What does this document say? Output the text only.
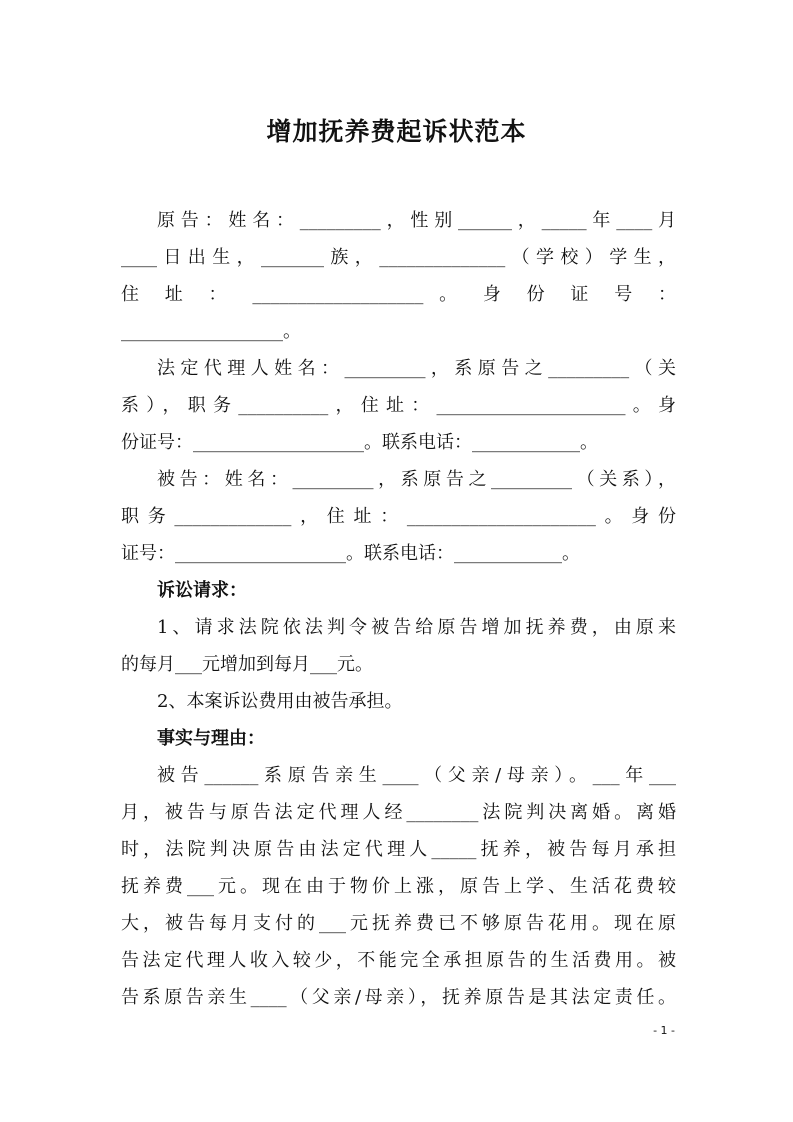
增加抚养费起诉状范本
原告：姓名：_________，性别______，_____年____月
____日出生，_______族，______________（学校）学生，
住 址 ： ___________________ 。 身 份 证 号 ：
__________________。
法定代理人姓名：_________，系原告之_________（关
系），职务__________，住址：_____________________。身
份证号：___________________。联系电话：____________。
被告：姓名：_________，系原告之_________（关系），
职务_____________，住址：_____________________。身份
证号：___________________。联系电话：____________。
诉讼请求：
1、请求法院依法判令被告给原告增加抚养费，由原来
的每月___元增加到每月___元。
2、本案诉讼费用由被告承担。
事实与理由：
被告______系原告亲生____（父亲/母亲）。___年___
月，被告与原告法定代理人经________法院判决离婚。离婚
时，法院判决原告由法定代理人_____抚养，被告每月承担
抚养费___元。现在由于物价上涨，原告上学、生活花费较
大，被告每月支付的___元抚养费已不够原告花用。现在原
告法定代理人收入较少，不能完全承担原告的生活费用。被
告系原告亲生____（父亲/母亲），抚养原告是其法定责任。
- 1 -
